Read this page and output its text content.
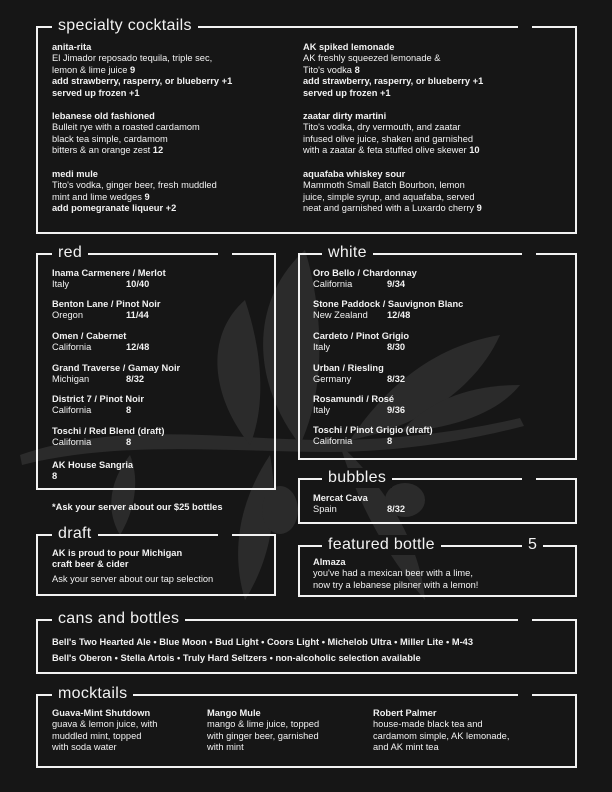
specialty cocktails
anita-rita
El Jimador reposado tequila, triple sec,
lemon & lime juice 9
add strawberry, rasperry, or blueberry +1
served up frozen +1
lebanese old fashioned
Bulleit rye with a roasted cardamom
black tea simple, cardamom
bitters & an orange zest 12
medi mule
Tito's vodka, ginger beer, fresh muddled
mint and lime wedges 9
add pomegranate liqueur +2
AK spiked lemonade
AK freshly squeezed lemonade &
Tito's vodka 8
add strawberry, rasperry, or blueberry +1
served up frozen +1
zaatar dirty martini
Tito's vodka, dry vermouth, and zaatar
infused olive juice, shaken and garnished
with a zaatar & feta stuffed olive skewer 10
aquafaba whiskey sour
Mammoth Small Batch Bourbon, lemon
juice, simple syrup, and aquafaba, served
neat and garnished with a Luxardo cherry 9
red
Inama Carmenere / Merlot
Italy	10/40
Benton Lane / Pinot Noir
Oregon	11/44
Omen / Cabernet
California	12/48
Grand Traverse / Gamay Noir
Michigan	8/32
District 7 / Pinot Noir
California	8
Toschi / Red Blend (draft)
California	8
AK House Sangria
8
*Ask your server about our $25 bottles
white
Oro Bello / Chardonnay
California	9/34
Stone Paddock / Sauvignon Blanc
New Zealand 12/48
Cardeto / Pinot Grigio
Italy	8/30
Urban / Riesling
Germany	8/32
Rosamundi / Rosé
Italy	9/36
Toschi / Pinot Grigio (draft)
California	8
bubbles
Mercat Cava
Spain	8/32
draft
AK is proud to pour Michigan
craft beer & cider
Ask your server about our tap selection
featured bottle	5
Almaza
you've had a mexican beer with a lime,
now try a lebanese pilsner with a lemon!
cans and bottles
Bell's Two Hearted Ale • Blue Moon • Bud Light • Coors Light • Michelob Ultra • Miller Lite • M-43
Bell's Oberon • Stella Artois • Truly Hard Seltzers • non-alcoholic selection available
mocktails
Guava-Mint Shutdown
guava & lemon juice, with
muddled mint, topped
with soda water
Mango Mule
mango & lime juice, topped
with ginger beer, garnished
with mint
Robert Palmer
house-made black tea and
cardamom simple, AK lemonade,
and AK mint tea
